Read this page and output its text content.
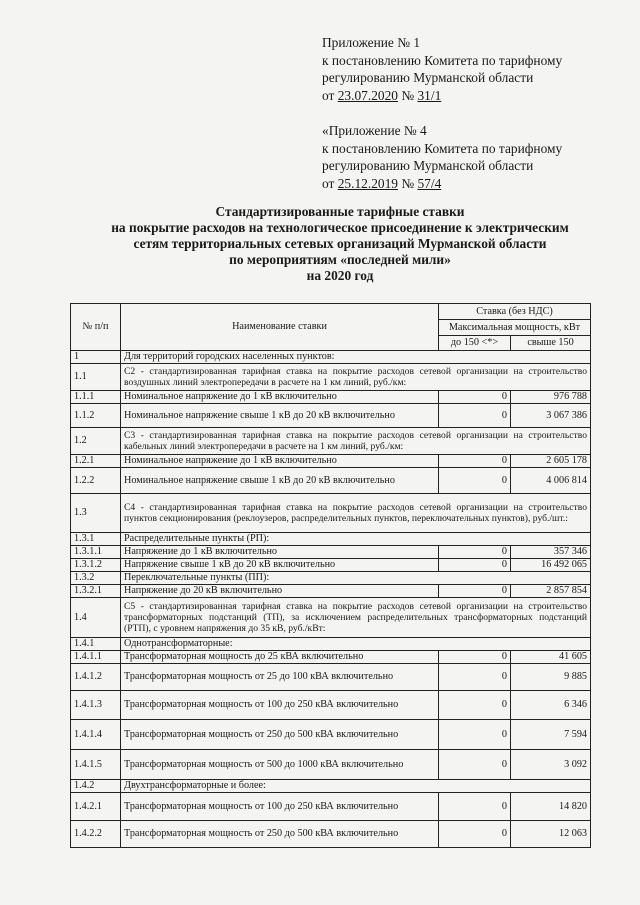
Приложение № 1
к постановлению Комитета по тарифному
регулированию Мурманской области
от 23.07.2020 № 31/1
«Приложение № 4
к постановлению Комитета по тарифному
регулированию Мурманской области
от 25.12.2019 № 57/4
Стандартизированные тарифные ставки
на покрытие расходов на технологическое присоединение к электрическим
сетям территориальных сетевых организаций Мурманской области
по мероприятиям «последней мили»
на 2020 год
№ п/п	Наименование ставки	Ставка (без НДС)	
		Максимальная мощность, кВт	
		до 150 <*>	свыше 150
1	Для территорий городских населенных пунктов:		
1.1	С2 - стандартизированная тарифная ставка на покрытие расходов сетевой организации на строительство воздушных линий электропередачи в расчете на 1 км линий, руб./км:		
1.1.1	Номинальное напряжение до 1 кВ включительно	0	976 788
1.1.2	Номинальное напряжение свыше 1 кВ до 20 кВ включительно	0	3 067 386
1.2	С3 - стандартизированная тарифная ставка на покрытие расходов сетевой организации на строительство кабельных линий электропередачи в расчете на 1 км линий, руб./км:		
1.2.1	Номинальное напряжение до 1 кВ включительно	0	2 605 178
1.2.2	Номинальное напряжение свыше 1 кВ до 20 кВ включительно	0	4 006 814
1.3	С4 - стандартизированная тарифная ставка на покрытие расходов сетевой организации на строительство пунктов секционирования (реклоузеров, распределительных пунктов, переключательных пунктов), руб./шт.:		
1.3.1	Распределительные пункты (РП):		
1.3.1.1	Напряжение до 1 кВ включительно	0	357 346
1.3.1.2	Напряжение свыше 1 кВ до 20 кВ включительно	0	16 492 065
1.3.2	Переключательные пункты (ПП):		
1.3.2.1	Напряжение до 20 кВ включительно	0	2 857 854
1.4	С5 - стандартизированная тарифная ставка на покрытие расходов сетевой организации на строительство трансформаторных подстанций (ТП), за исключением распределительных трансформаторных подстанций (РТП), с уровнем напряжения до 35 кВ, руб./кВт:		
1.4.1	Однотрансформаторные:		
1.4.1.1	Трансформаторная мощность до 25 кВА включительно	0	41 605
1.4.1.2	Трансформаторная мощность от 25 до 100 кВА включительно	0	9 885
1.4.1.3	Трансформаторная мощность от 100 до 250 кВА включительно	0	6 346
1.4.1.4	Трансформаторная мощность от 250 до 500 кВА включительно	0	7 594
1.4.1.5	Трансформаторная мощность от 500 до 1000 кВА включительно	0	3 092
1.4.2	Двухтрансформаторные и более:		
1.4.2.1	Трансформаторная мощность от 100 до 250 кВА включительно	0	14 820
1.4.2.2	Трансформаторная мощность от 250 до 500 кВА включительно	0	12 063
